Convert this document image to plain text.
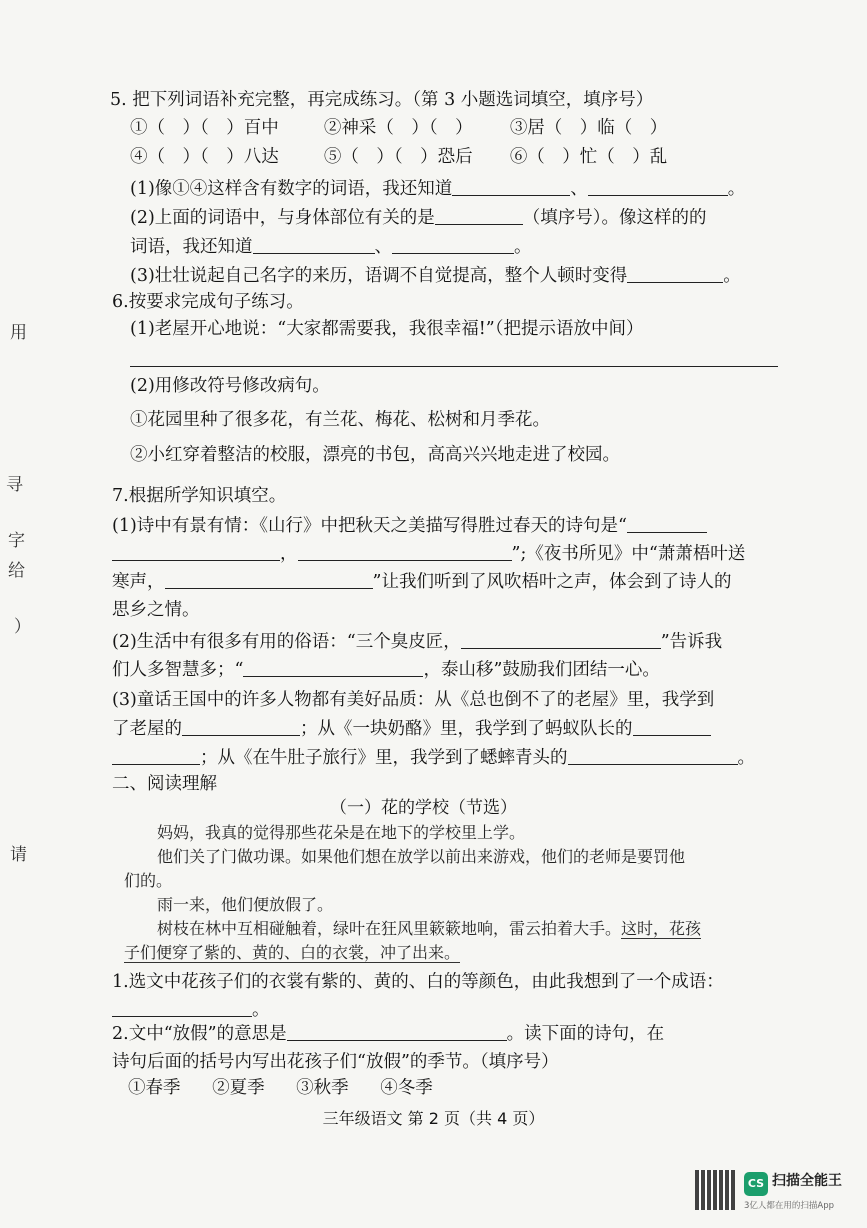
用
寻
字
给
）
请
5. 把下列词语补充完整，再完成练习。（第 3 小题选词填空，填序号）
①（　）（　）百中	②神采（　）（　） ③居（　）临（　）
④（　）（　）八达	⑤（　）（　）恐后 ⑥（　）忙（　）乱
(1)像①④这样含有数字的词语，我还知道	、	。
(2)上面的词语中，与身体部位有关的是	（填序号）。像这样的的
词语，我还知道	、	。
(3)壮壮说起自己名字的来历，语调不自觉提高，整个人顿时变得	。
6.按要求完成句子练习。
(1)老屋开心地说：“大家都需要我，我很幸福!”（把提示语放中间）
(2)用修改符号修改病句。
①花园里种了很多花，有兰花、梅花、松树和月季花。
②小红穿着整洁的校服，漂亮的书包，高高兴兴地走进了校园。
7.根据所学知识填空。
(1)诗中有景有情：《山行》中把秋天之美描写得胜过春天的诗句是“
，	”;《夜书所见》中“萧萧梧叶送
寒声，	”让我们听到了风吹梧叶之声，体会到了诗人的
思乡之情。
(2)生活中有很多有用的俗语：“三个臭皮匠，	”告诉我
们人多智慧多；“	，泰山移”鼓励我们团结一心。
(3)童话王国中的许多人物都有美好品质：从《总也倒不了的老屋》里，我学到
了老屋的	；从《一块奶酪》里，我学到了蚂蚁队长的
；从《在牛肚子旅行》里，我学到了蟋蟀青头的	。
二、阅读理解
（一）花的学校（节选）
妈妈，我真的觉得那些花朵是在地下的学校里上学。
他们关了门做功课。如果他们想在放学以前出来游戏，他们的老师是要罚他
们的。
雨一来，他们便放假了。
树枝在林中互相碰触着，绿叶在狂风里簌簌地响，雷云拍着大手。这时，花孩
子们便穿了紫的、黄的、白的衣裳，冲了出来。
1.选文中花孩子们的衣裳有紫的、黄的、白的等颜色，由此我想到了一个成语：
。
2.文中“放假”的意思是	。读下面的诗句，在
诗句后面的括号内写出花孩子们“放假”的季节。（填序号）
①春季 ②夏季 ③秋季 ④冬季
三年级语文 第 2 页（共 4 页）
CS 扫描全能王
3亿人都在用的扫描App
